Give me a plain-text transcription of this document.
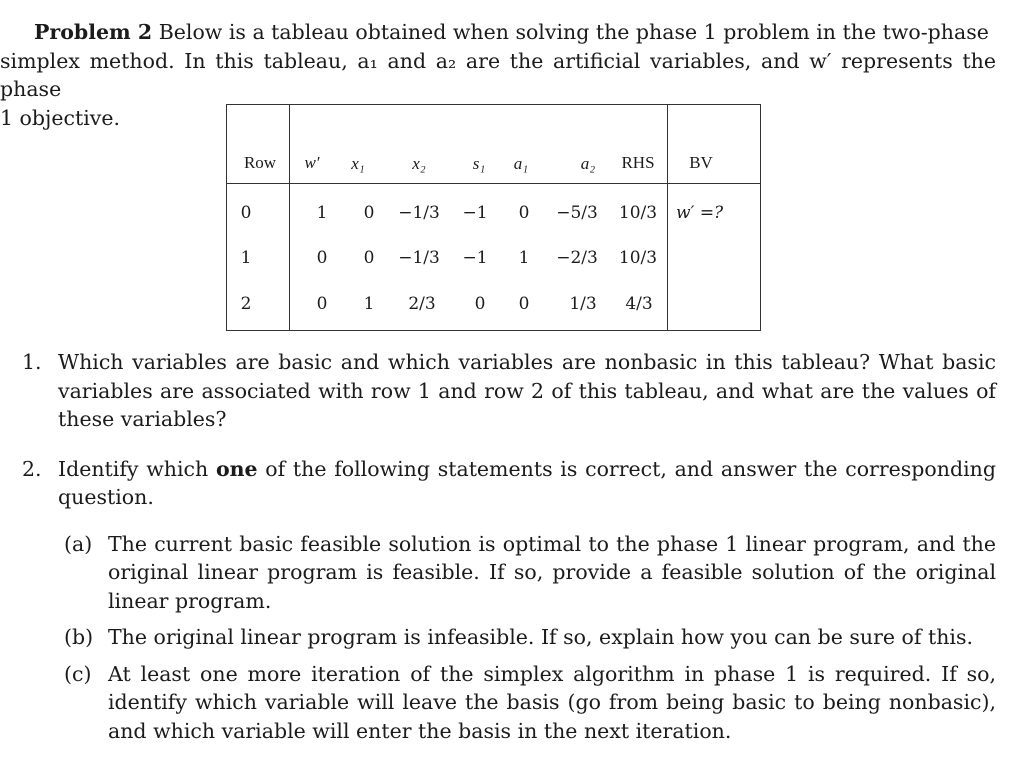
Problem 2 Below is a tableau obtained when solving the phase 1 problem in the two-phase
simplex method. In this tableau, a₁ and a₂ are the artificial variables, and w′ represents the phase
1 objective.
Row w′ x₁	x₂	s₁ a₁	a₂ RHS BV
0	1 0 −1/3 −1 0 −5/3 10/3 w′ =?
1	0 0 −1/3 −1 1 −2/3 10/3
2	0 1 2/3 0 0 1/3 4/3
1. Which variables are basic and which variables are nonbasic in this tableau? What basic variables are associated with row 1 and row 2 of this tableau, and what are the values of these variables?
2. Identify which one of the following statements is correct, and answer the corresponding question.
(a) The current basic feasible solution is optimal to the phase 1 linear program, and the original linear program is feasible. If so, provide a feasible solution of the original linear program.
(b) The original linear program is infeasible. If so, explain how you can be sure of this.
(c) At least one more iteration of the simplex algorithm in phase 1 is required. If so, identify which variable will leave the basis (go from being basic to being nonbasic), and which variable will enter the basis in the next iteration.
